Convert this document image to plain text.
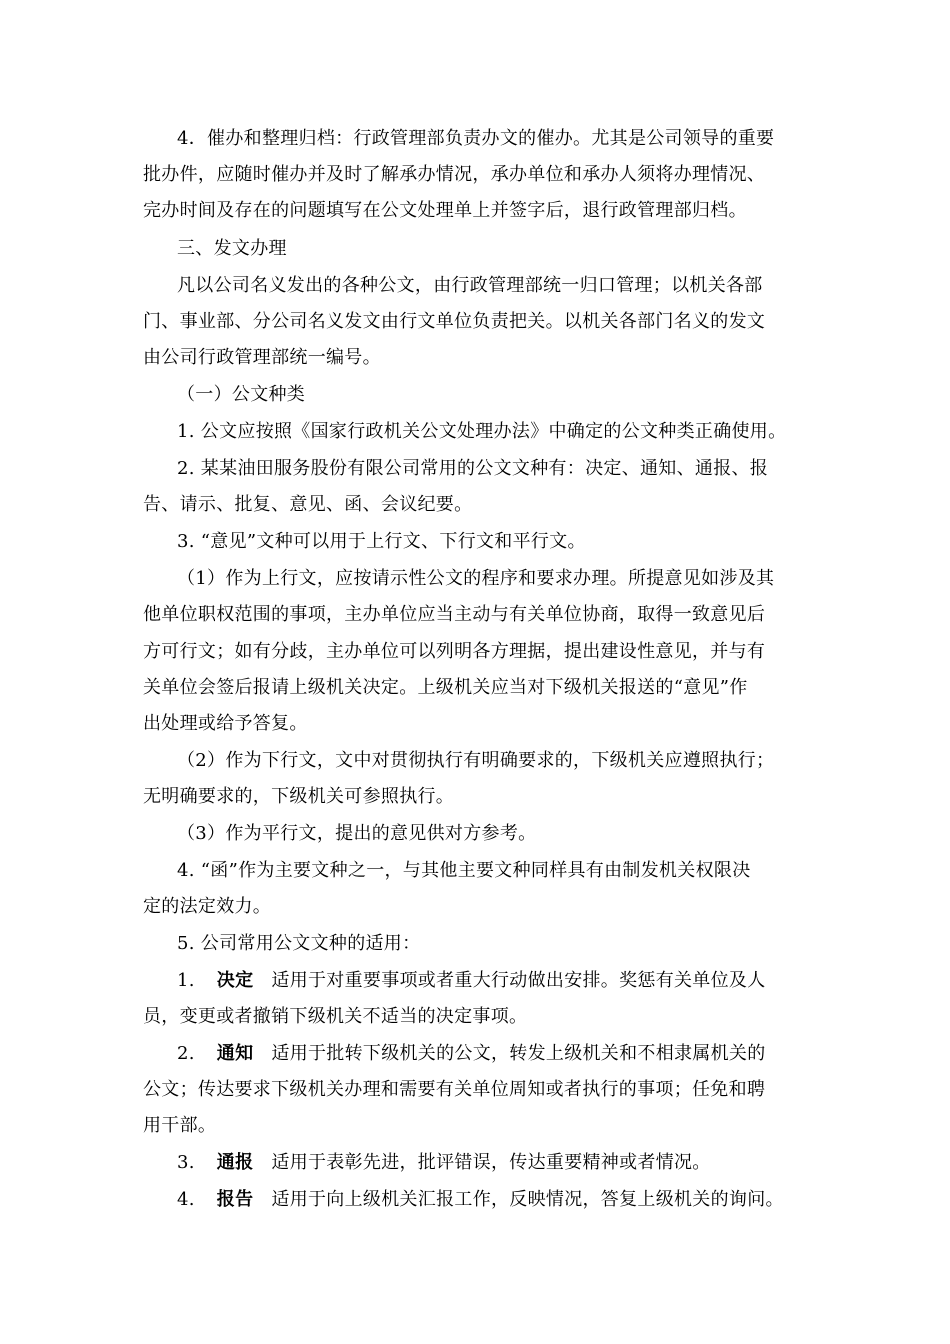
4．催办和整理归档：行政管理部负责办文的催办。尤其是公司领导的重要
批办件，应随时催办并及时了解承办情况，承办单位和承办人须将办理情况、
完办时间及存在的问题填写在公文处理单上并签字后，退行政管理部归档。
三、发文办理
凡以公司名义发出的各种公文，由行政管理部统一归口管理；以机关各部
门、事业部、分公司名义发文由行文单位负责把关。以机关各部门名义的发文
由公司行政管理部统一编号。
（一）公文种类
1. 公文应按照《国家行政机关公文处理办法》中确定的公文种类正确使用。
2. 某某油田服务股份有限公司常用的公文文种有：决定、通知、通报、报
告、请示、批复、意见、函、会议纪要。
3. “意见”文种可以用于上行文、下行文和平行文。
（1）作为上行文，应按请示性公文的程序和要求办理。所提意见如涉及其
他单位职权范围的事项，主办单位应当主动与有关单位协商，取得一致意见后
方可行文；如有分歧，主办单位可以列明各方理据，提出建设性意见，并与有
关单位会签后报请上级机关决定。上级机关应当对下级机关报送的“意见”作
出处理或给予答复。
（2）作为下行文，文中对贯彻执行有明确要求的，下级机关应遵照执行；
无明确要求的，下级机关可参照执行。
（3）作为平行文，提出的意见供对方参考。
4. “函”作为主要文种之一，与其他主要文种同样具有由制发机关权限决
定的法定效力。
5. 公司常用公文文种的适用：
1. 决定 适用于对重要事项或者重大行动做出安排。奖惩有关单位及人
员，变更或者撤销下级机关不适当的决定事项。
2. 通知 适用于批转下级机关的公文，转发上级机关和不相隶属机关的
公文；传达要求下级机关办理和需要有关单位周知或者执行的事项；任免和聘
用干部。
3. 通报 适用于表彰先进，批评错误，传达重要精神或者情况。
4. 报告 适用于向上级机关汇报工作，反映情况，答复上级机关的询问。
